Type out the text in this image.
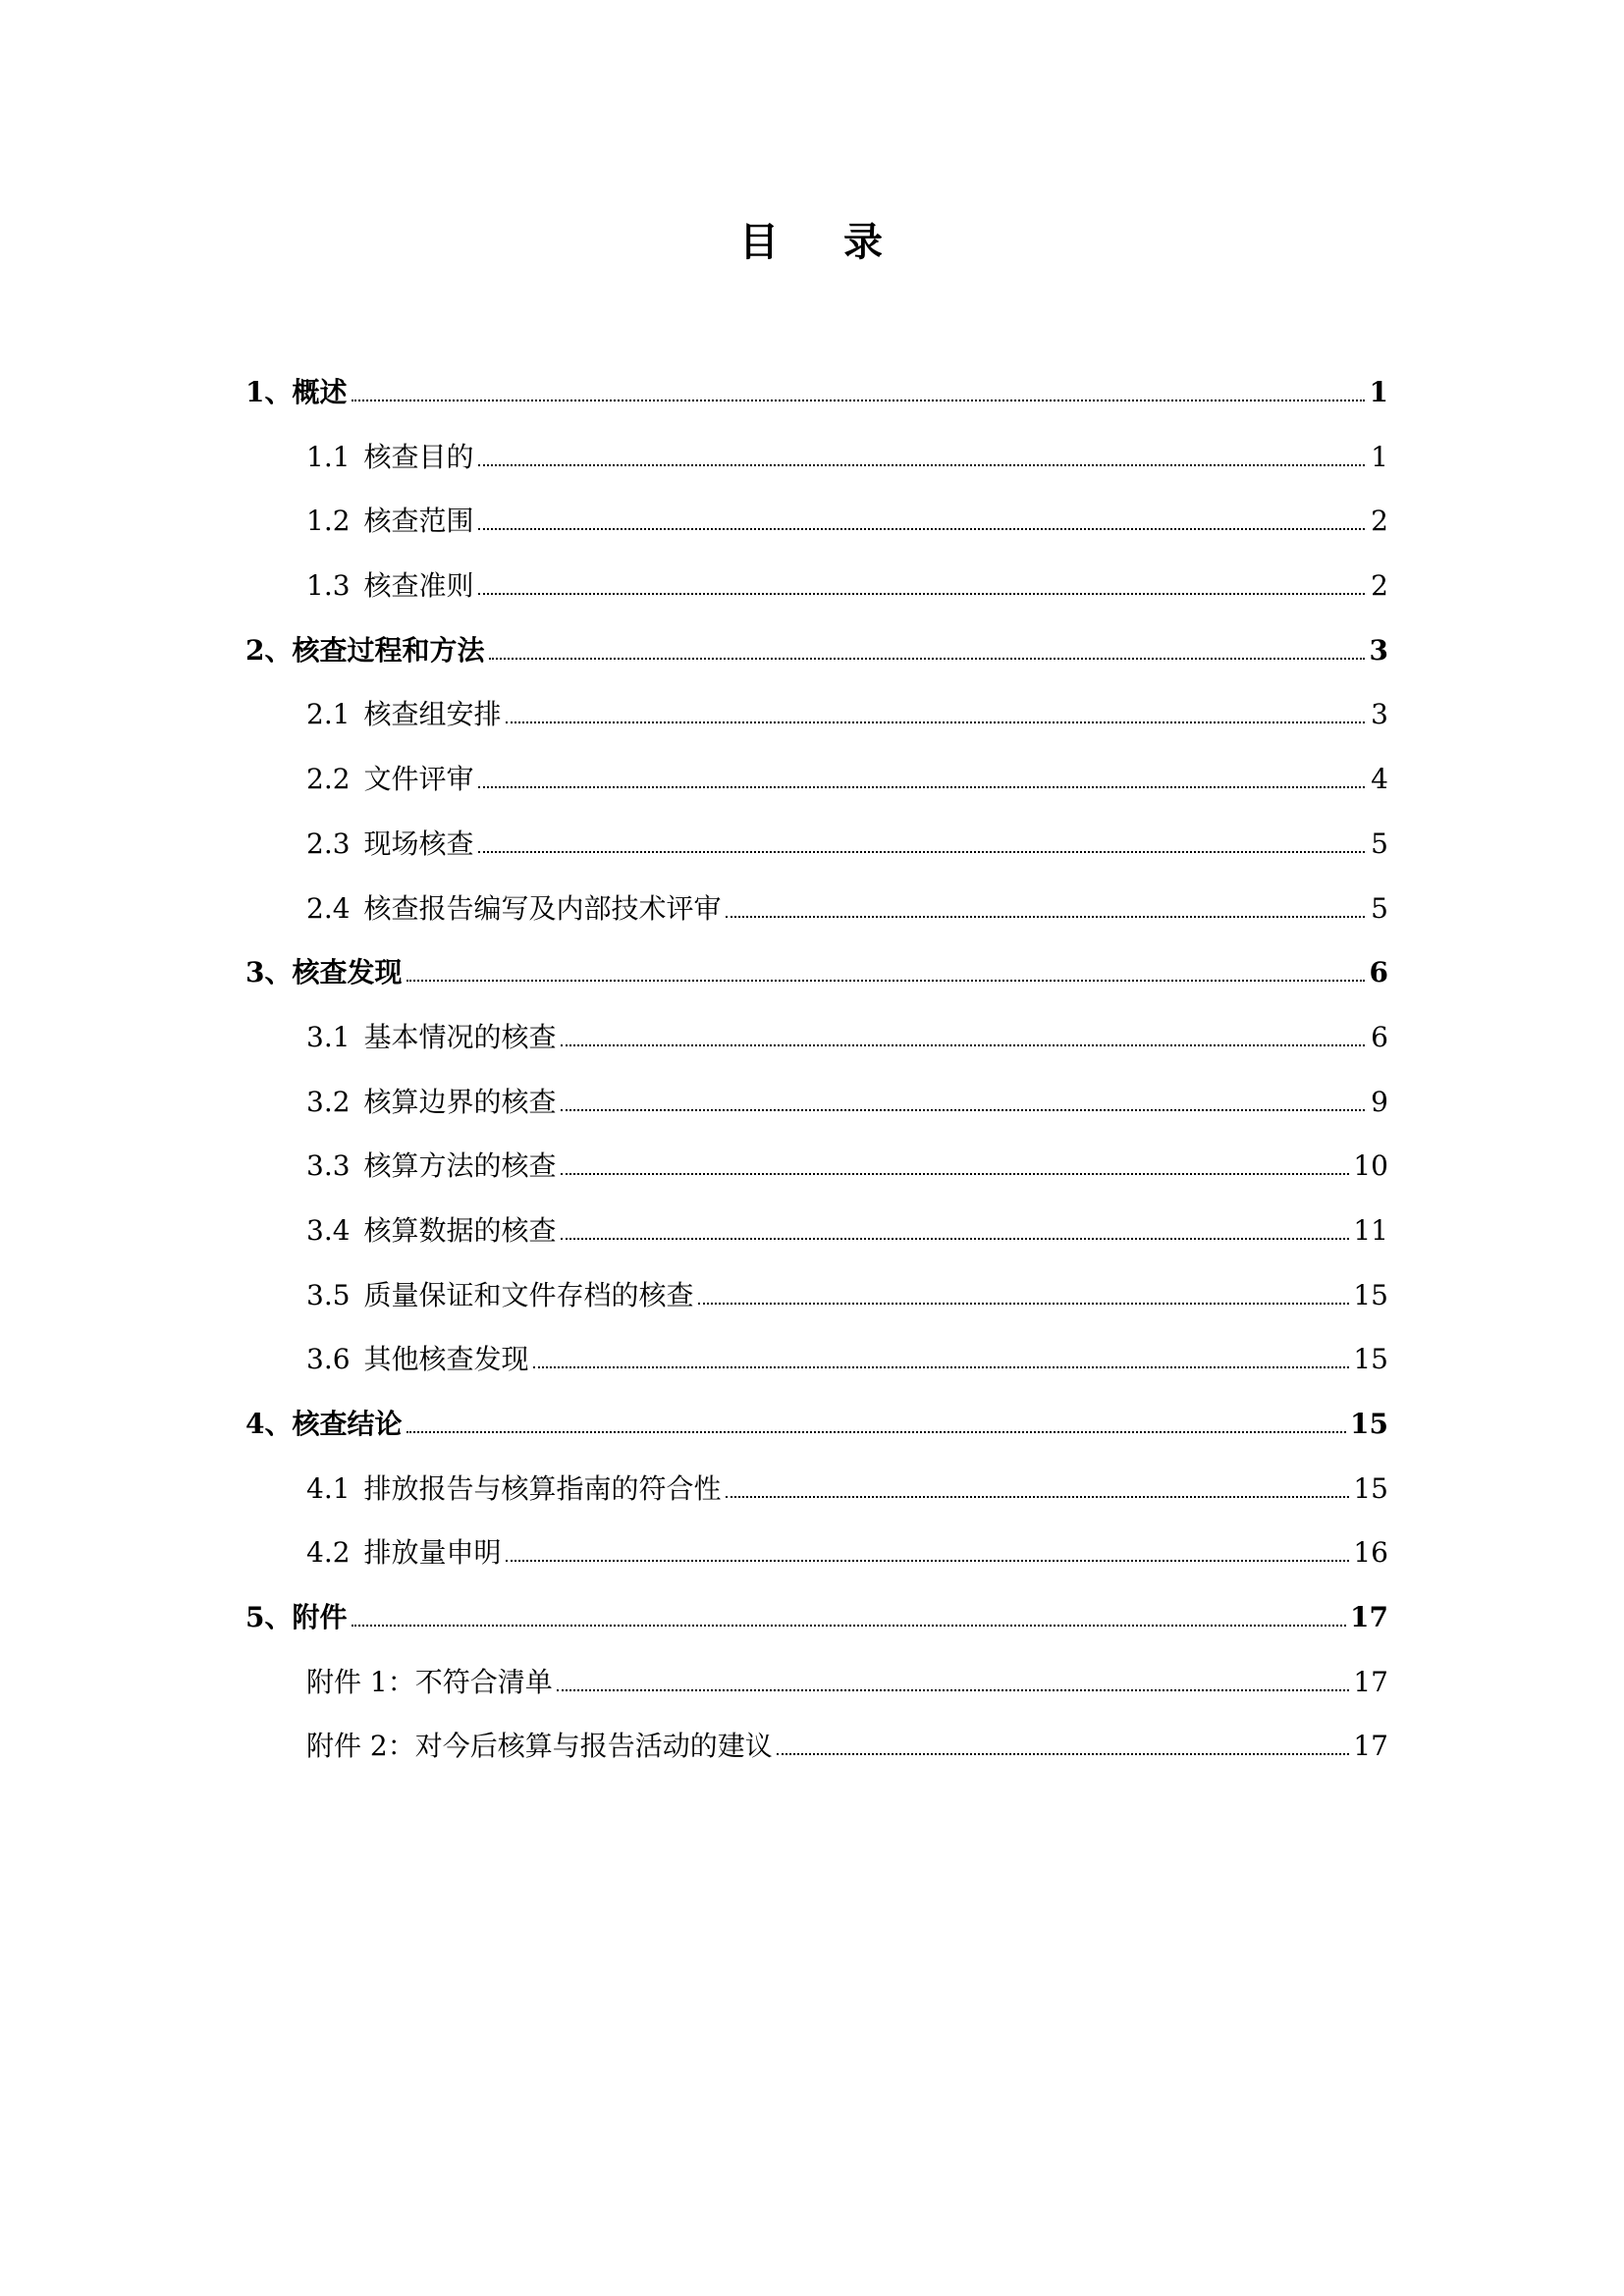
目 录
1、概述	1
1.1 核查目的	1
1.2 核查范围	2
1.3 核查准则	2
2、核查过程和方法	3
2.1 核查组安排	3
2.2 文件评审	4
2.3 现场核查	5
2.4 核查报告编写及内部技术评审	5
3、核查发现	6
3.1 基本情况的核查	6
3.2 核算边界的核查	9
3.3 核算方法的核查	10
3.4 核算数据的核查	11
3.5 质量保证和文件存档的核查	15
3.6 其他核查发现	15
4、核查结论	15
4.1 排放报告与核算指南的符合性	15
4.2 排放量申明	16
5、附件	17
附件 1：不符合清单	17
附件 2：对今后核算与报告活动的建议	17
